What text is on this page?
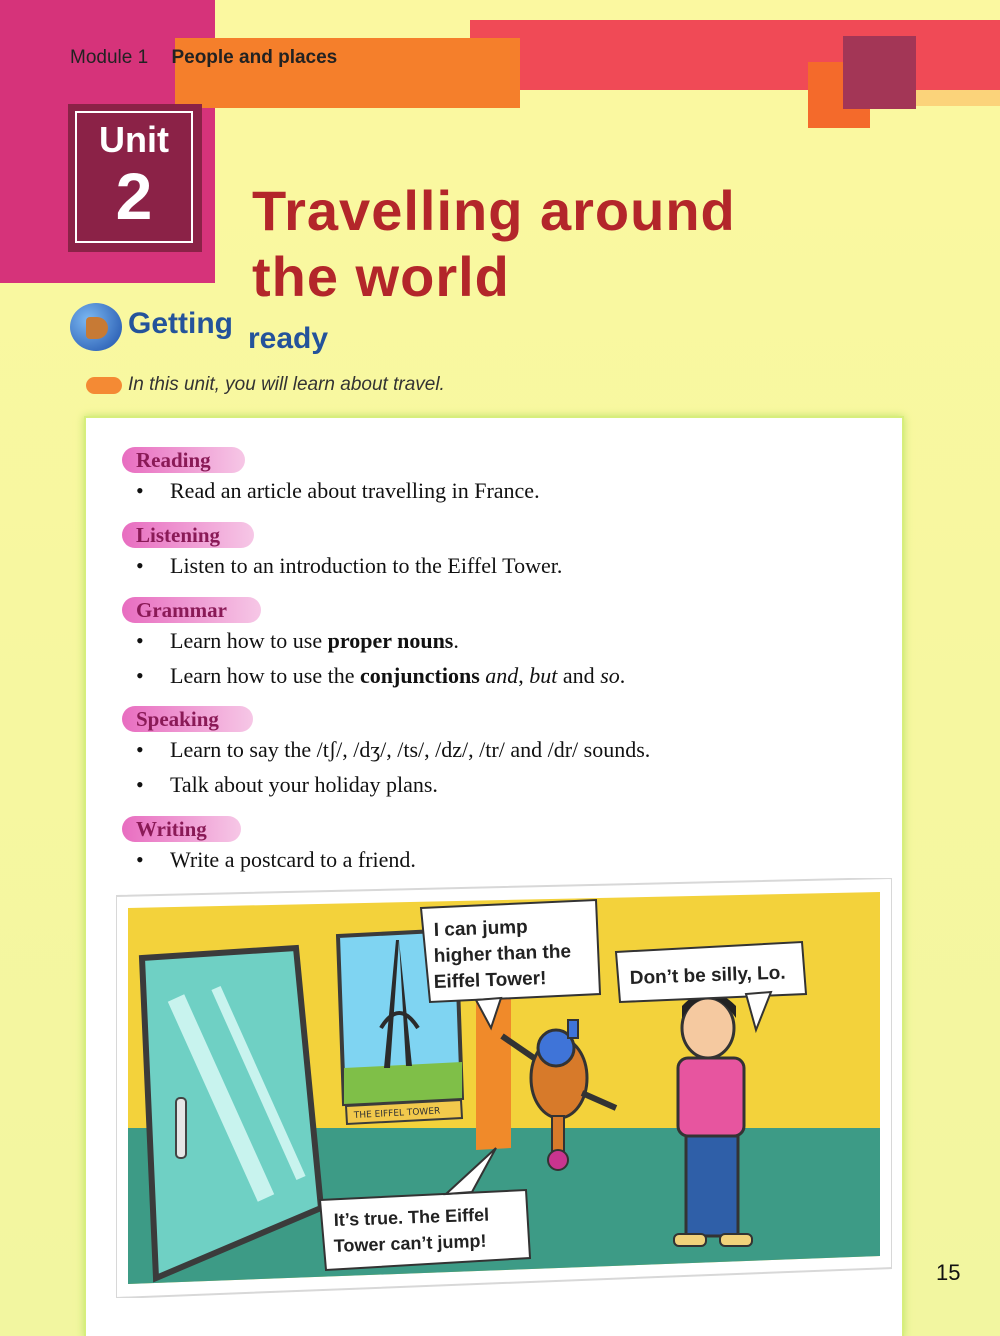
Module 1 People and places
Unit
2	Travelling around
the world
Getting ready
In this unit, you will learn about travel.
Reading
• Read an article about travelling in France.
Listening
• Listen to an introduction to the Eiffel Tower.
Grammar
• Learn how to use proper nouns.
• Learn how to use the conjunctions and, but and so.
Speaking
• Learn to say the /tʃ/, /dʒ/, /ts/, /dz/, /tr/ and /dr/ sounds.
• Talk about your holiday plans.
Writing
• Write a postcard to a friend.
THE EIFFEL TOWER
I can jump
higher than the
Eiffel Tower!	Don’t be silly, Lo.
It’s true. The Eiffel
Tower can’t jump!
15
